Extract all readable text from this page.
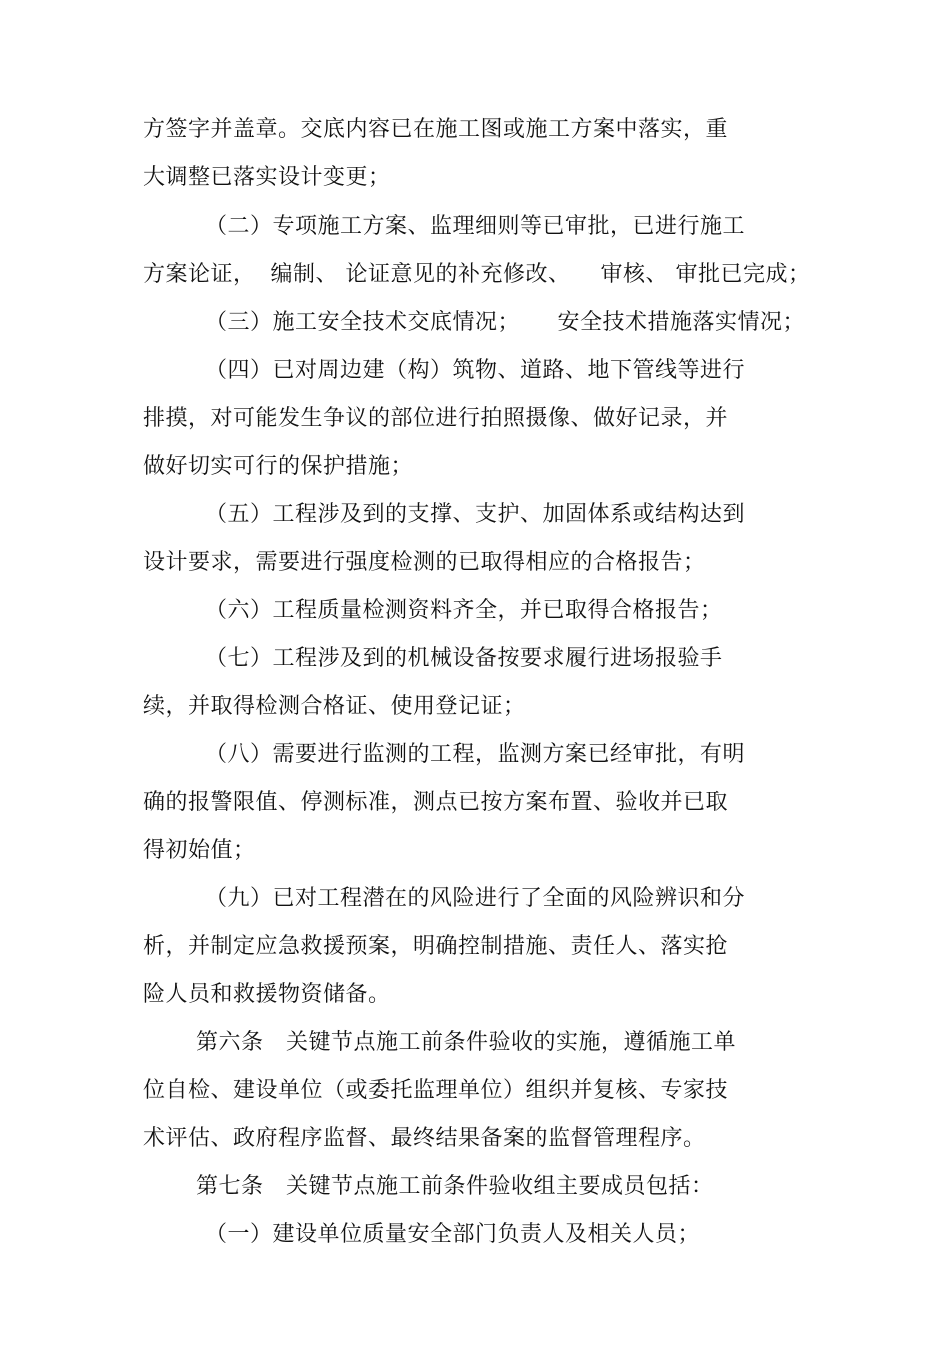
方签字并盖章。交底内容已在施工图或施工方案中落实，重
大调整已落实设计变更；
（二）专项施工方案、监理细则等已审批，已进行施工
方案论证，  编制、 论证意见的补充修改、    审核、 审批已完成；
（三）施工安全技术交底情况；     安全技术措施落实情况；
（四）已对周边建（构）筑物、道路、地下管线等进行
排摸，对可能发生争议的部位进行拍照摄像、做好记录，并
做好切实可行的保护措施；
（五）工程涉及到的支撑、支护、加固体系或结构达到
设计要求，需要进行强度检测的已取得相应的合格报告；
（六）工程质量检测资料齐全，并已取得合格报告；
（七）工程涉及到的机械设备按要求履行进场报验手
续，并取得检测合格证、使用登记证；
（八）需要进行监测的工程，监测方案已经审批，有明
确的报警限值、停测标准，测点已按方案布置、验收并已取
得初始值；
（九）已对工程潜在的风险进行了全面的风险辨识和分
析，并制定应急救援预案，明确控制措施、责任人、落实抢
险人员和救援物资储备。
第六条   关键节点施工前条件验收的实施，遵循施工单
位自检、建设单位（或委托监理单位）组织并复核、专家技
术评估、政府程序监督、最终结果备案的监督管理程序。
第七条   关键节点施工前条件验收组主要成员包括：
（一）建设单位质量安全部门负责人及相关人员；
